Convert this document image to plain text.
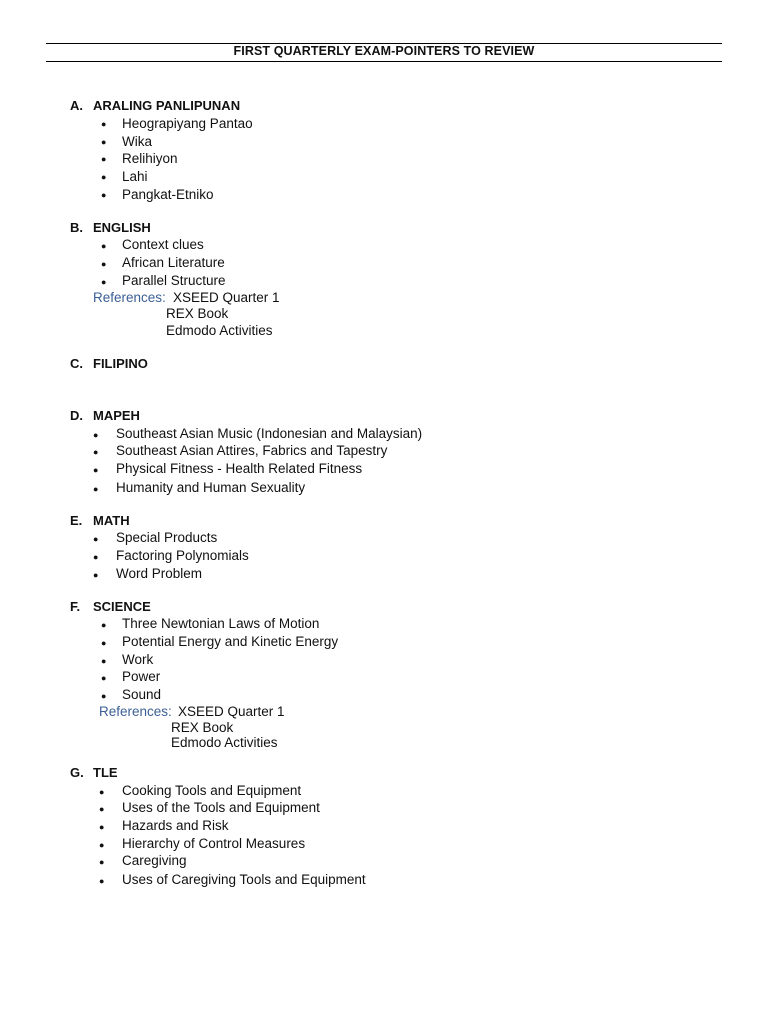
FIRST QUARTERLY EXAM-POINTERS TO REVIEW
A. ARALING PANLIPUNAN
● Heograpiyang Pantao
● Wika
● Relihiyon
● Lahi
● Pangkat-Etniko
B. ENGLISH
● Context clues
● African Literature
● Parallel Structure
References: XSEED Quarter 1
REX Book
Edmodo Activities
C. FILIPINO
D. MAPEH
● Southeast Asian Music (Indonesian and Malaysian)
● Southeast Asian Attires, Fabrics and Tapestry
● Physical Fitness - Health Related Fitness
● Humanity and Human Sexuality
E. MATH
● Special Products
● Factoring Polynomials
● Word Problem
F. SCIENCE
● Three Newtonian Laws of Motion
● Potential Energy and Kinetic Energy
● Work
● Power
● Sound
References: XSEED Quarter 1
REX Book
Edmodo Activities
G. TLE
● Cooking Tools and Equipment
● Uses of the Tools and Equipment
● Hazards and Risk
● Hierarchy of Control Measures
● Caregiving
● Uses of Caregiving Tools and Equipment
